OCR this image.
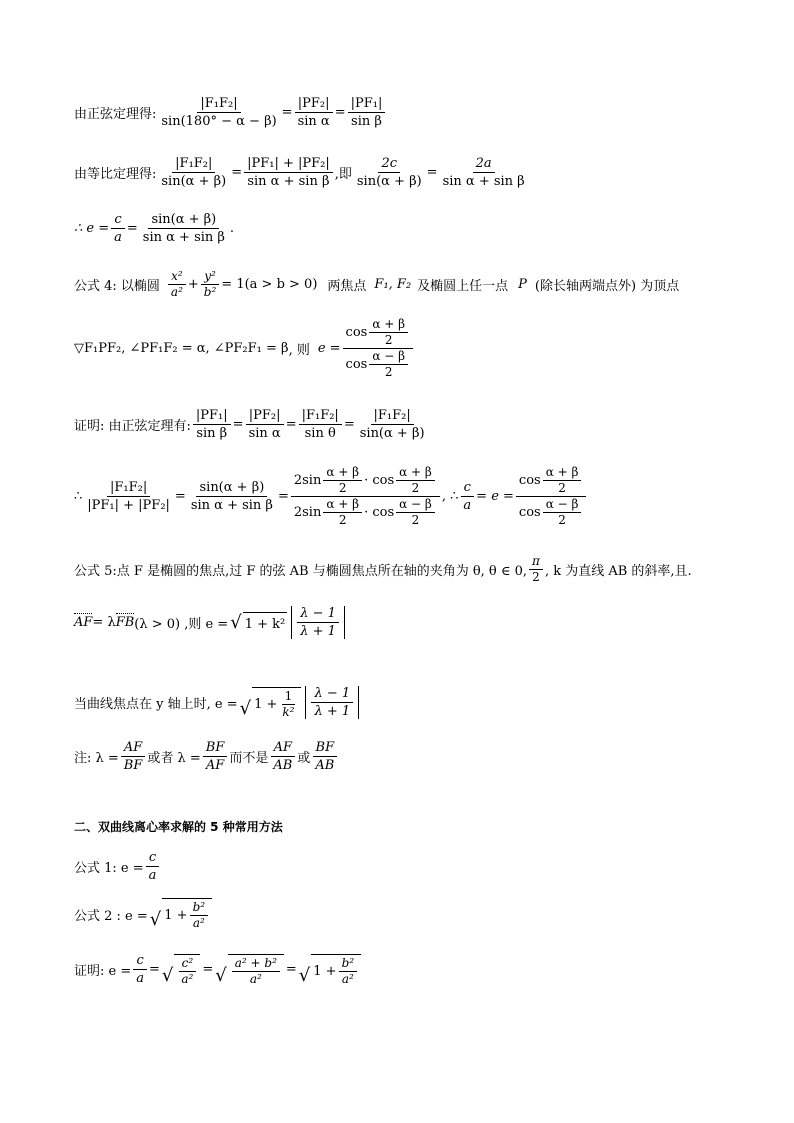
由正弦定理得: $\frac{\text{|F₁F₂|}}{\sin(180^\circ - \alpha - \beta)} = \frac{\text{|PF₂|}}{\text{sin α}} = \frac{\text{|PF₁|}}{\text{sin β}}$
由等比定理得: $\frac{\text{|F₁F₂|}}{\sin(\alpha + \beta)} = \frac{\text{|PF₁| + |PF₂|}}{\text{sin α + sin β}}$ ,即 $\frac{2c}{\sin(\alpha + \beta)} = \frac{2a}{\text{sin α + sin β}}$
∴ $e = \frac{c}{a} = \frac{\sin(\alpha + \beta)}{\text{sin α + sin β}}$ .
公式 4: 以椭圆 $\frac{\text{x²}}{\text{a²}} + \frac{\text{y²}}{\text{b²}} = 1(a > b > 0)$ 两焦点 F₁, F₂ 及椭圆上任一点 P (除长轴两端点外) 为顶点
▽F₁PF₂, ∠PF₁F₂ = α, ∠PF₂F₁ = β , 则 $e = \frac{\cos \frac{\alpha + \beta}{2}}{\cos \frac{\alpha - \beta}{2}}$
证明: 由正弦定理有: $\frac{\text{|PF₁|}}{\text{sin β}} = \frac{\text{|PF₂|}}{\text{sin α}} = \frac{\text{|F₁F₂|}}{\text{sin θ}} = \frac{\text{|F₁F₂|}}{\sin(\alpha + \beta)}$
∴ $\frac{\text{|F₁F₂|}}{\text{|PF₁| + |PF₂|}} = \frac{\sin(\alpha + \beta)}{\text{sin α + sin β}} = \frac{2\sin \frac{\alpha + \beta}{2} \cdot \cos \frac{\alpha + \beta}{2}}{2\sin \frac{\alpha + \beta}{2} \cdot \cos \frac{\alpha - \beta}{2}}$ , ∴ $\frac{c}{a} = e = \frac{\cos \frac{\alpha + \beta}{2}}{\cos \frac{\alpha - \beta}{2}}$
公式 5:点 F 是椭圆的焦点,过 F 的弦 AB 与椭圆焦点所在轴的夹角为 θ, θ ∈ 0, $\frac{\pi}{2}$ , k 为直线 AB 的斜率,且.
AF = λ FB (λ > 0) ,则 e = √ $1 + k^2 \frac{\lambda - 1}{\lambda + 1}$
当曲线焦点在 y 轴上时, e = √ $1 + \frac{1}{\text{k²}} \frac{\lambda - 1}{\lambda + 1}$
注: $\lambda = \frac{AF}{BF}$ 或者 $\lambda = \frac{BF}{AF}$ 而不是 $\frac{AF}{AB}$ 或 $\frac{BF}{AB}$
二、双曲线离心率求解的 5 种常用方法
公式 1: $e = \frac{c}{a}$
公式 2 : e = √ $1 + \frac{\text{b²}}{\text{a²}}$
证明: $e = \frac{c}{a}$ = √ $\frac{\text{c²}}{\text{a²}}$ = √ $\frac{\text{a² + b²}}{\text{a²}}$ = √ $1 + \frac{\text{b²}}{\text{a²}}$
